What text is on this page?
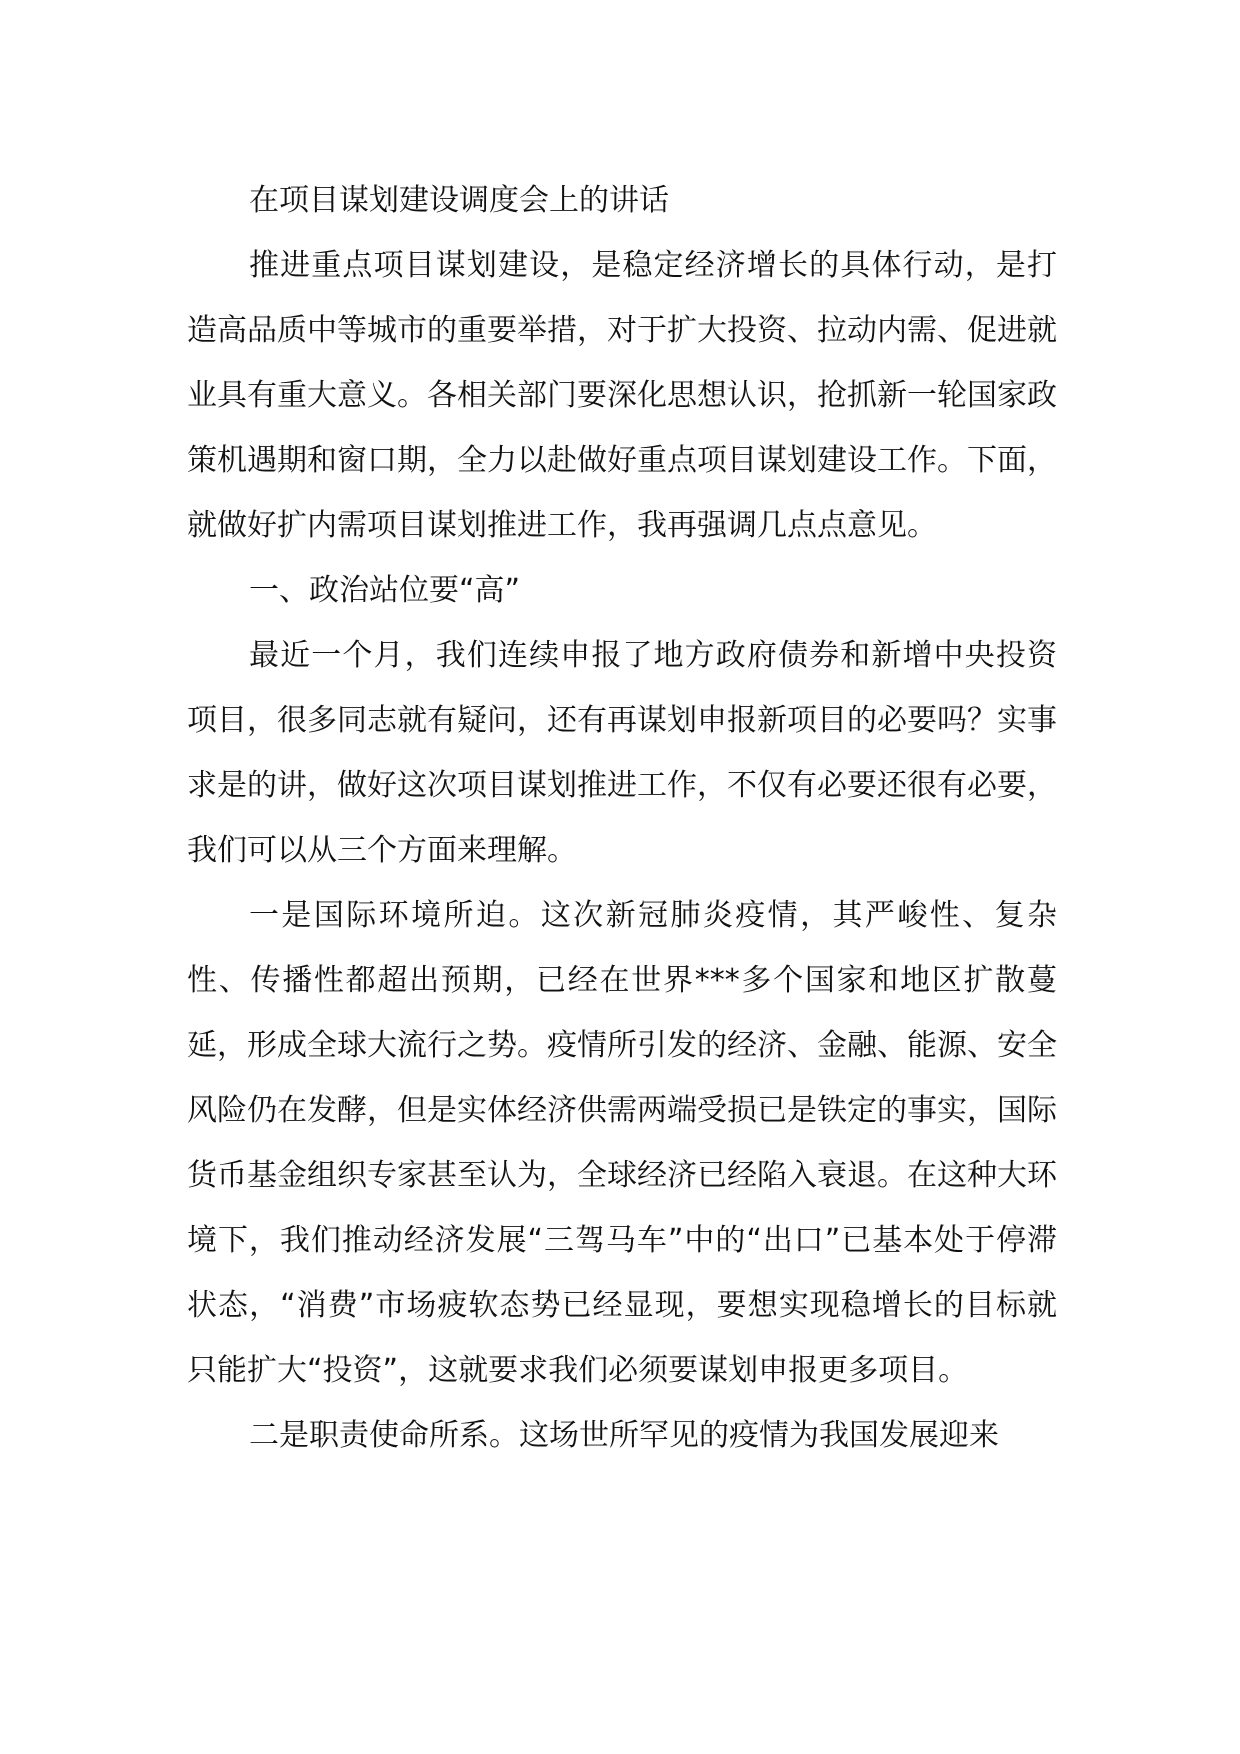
在项目谋划建设调度会上的讲话

推进重点项目谋划建设，是稳定经济增长的具体行动，是打造高品质中等城市的重要举措，对于扩大投资、拉动内需、促进就业具有重大意义。各相关部门要深化思想认识，抢抓新一轮国家政策机遇期和窗口期，全力以赴做好重点项目谋划建设工作。下面，就做好扩内需项目谋划推进工作，我再强调几点点意见。

一、政治站位要“高”

最近一个月，我们连续申报了地方政府债券和新增中央投资项目，很多同志就有疑问，还有再谋划申报新项目的必要吗？实事求是的讲，做好这次项目谋划推进工作，不仅有必要还很有必要，我们可以从三个方面来理解。

一是国际环境所迫。这次新冠肺炎疫情，其严峻性、复杂性、传播性都超出预期，已经在世界***多个国家和地区扩散蔓延，形成全球大流行之势。疫情所引发的经济、金融、能源、安全风险仍在发酵，但是实体经济供需两端受损已是铁定的事实，国际货币基金组织专家甚至认为，全球经济已经陷入衰退。在这种大环境下，我们推动经济发展“三驾马车”中的“出口”已基本处于停滞状态，“消费”市场疲软态势已经显现，要想实现稳增长的目标就只能扩大“投资”，这就要求我们必须要谋划申报更多项目。

二是职责使命所系。这场世所罕见的疫情为我国发展迎来
